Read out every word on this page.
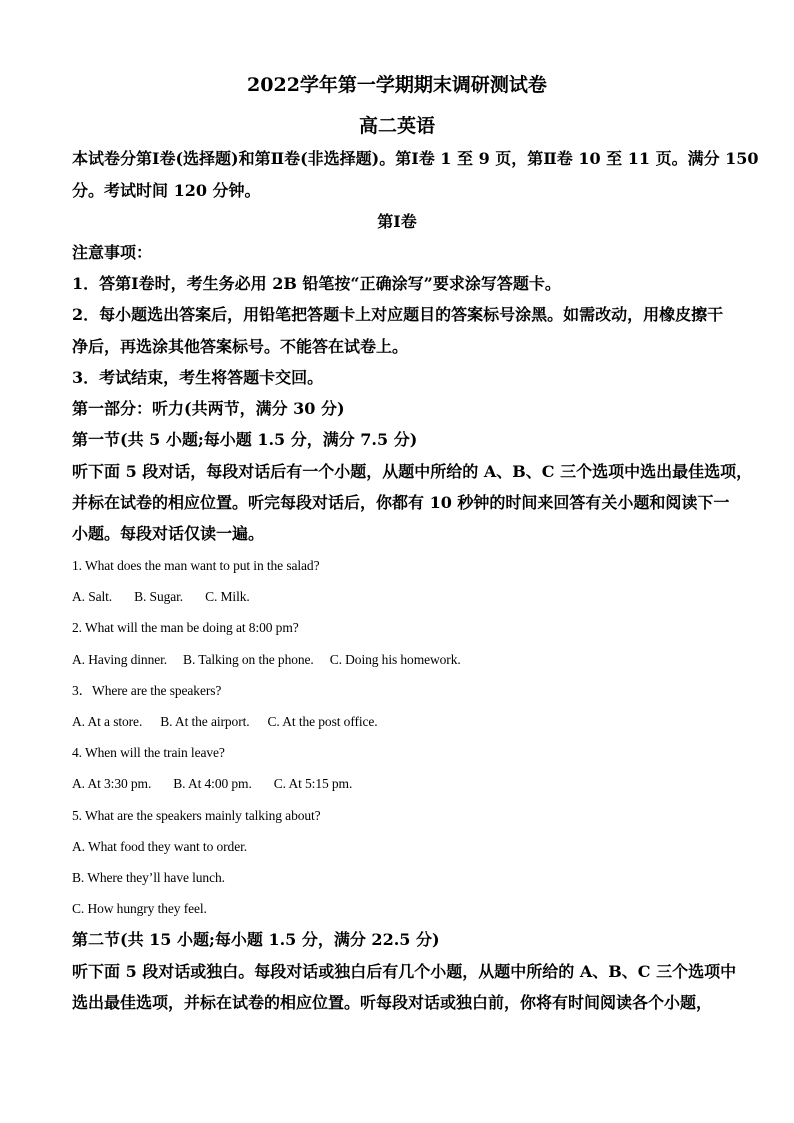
2022学年第一学期期末调研测试卷
高二英语
本试卷分第Ⅰ卷(选择题)和第Ⅱ卷(非选择题)。第Ⅰ卷 1 至 9 页，第Ⅱ卷 10 至 11 页。满分 150
分。考试时间 120 分钟。
第Ⅰ卷
注意事项：
1．答第Ⅰ卷时，考生务必用 2B 铅笔按“正确涂写”要求涂写答题卡。
2．每小题选出答案后，用铅笔把答题卡上对应题目的答案标号涂黑。如需改动，用橡皮擦干
净后，再选涂其他答案标号。不能答在试卷上。
3．考试结束，考生将答题卡交回。
第一部分：听力(共两节，满分 30 分)
第一节(共 5 小题;每小题 1.5 分，满分 7.5 分)
听下面 5 段对话，每段对话后有一个小题，从题中所给的 A、B、C 三个选项中选出最佳选项，
并标在试卷的相应位置。听完每段对话后，你都有 10 秒钟的时间来回答有关小题和阅读下一
小题。每段对话仅读一遍。
1. What does the man want to put in the salad?
A. Salt. B. Sugar. C. Milk.
2. What will the man be doing at 8:00 pm?
A. Having dinner. B. Talking on the phone. C. Doing his homework.
3．Where are the speakers?
A. At a store. B. At the airport. C. At the post office.
4. When will the train leave?
A. At 3:30 pm. B. At 4:00 pm. C. At 5:15 pm.
5. What are the speakers mainly talking about?
A. What food they want to order.
B. Where they’ll have lunch.
C. How hungry they feel.
第二节(共 15 小题;每小题 1.5 分，满分 22.5 分)
听下面 5 段对话或独白。每段对话或独白后有几个小题，从题中所给的 A、B、C 三个选项中
选出最佳选项，并标在试卷的相应位置。听每段对话或独白前，你将有时间阅读各个小题，
